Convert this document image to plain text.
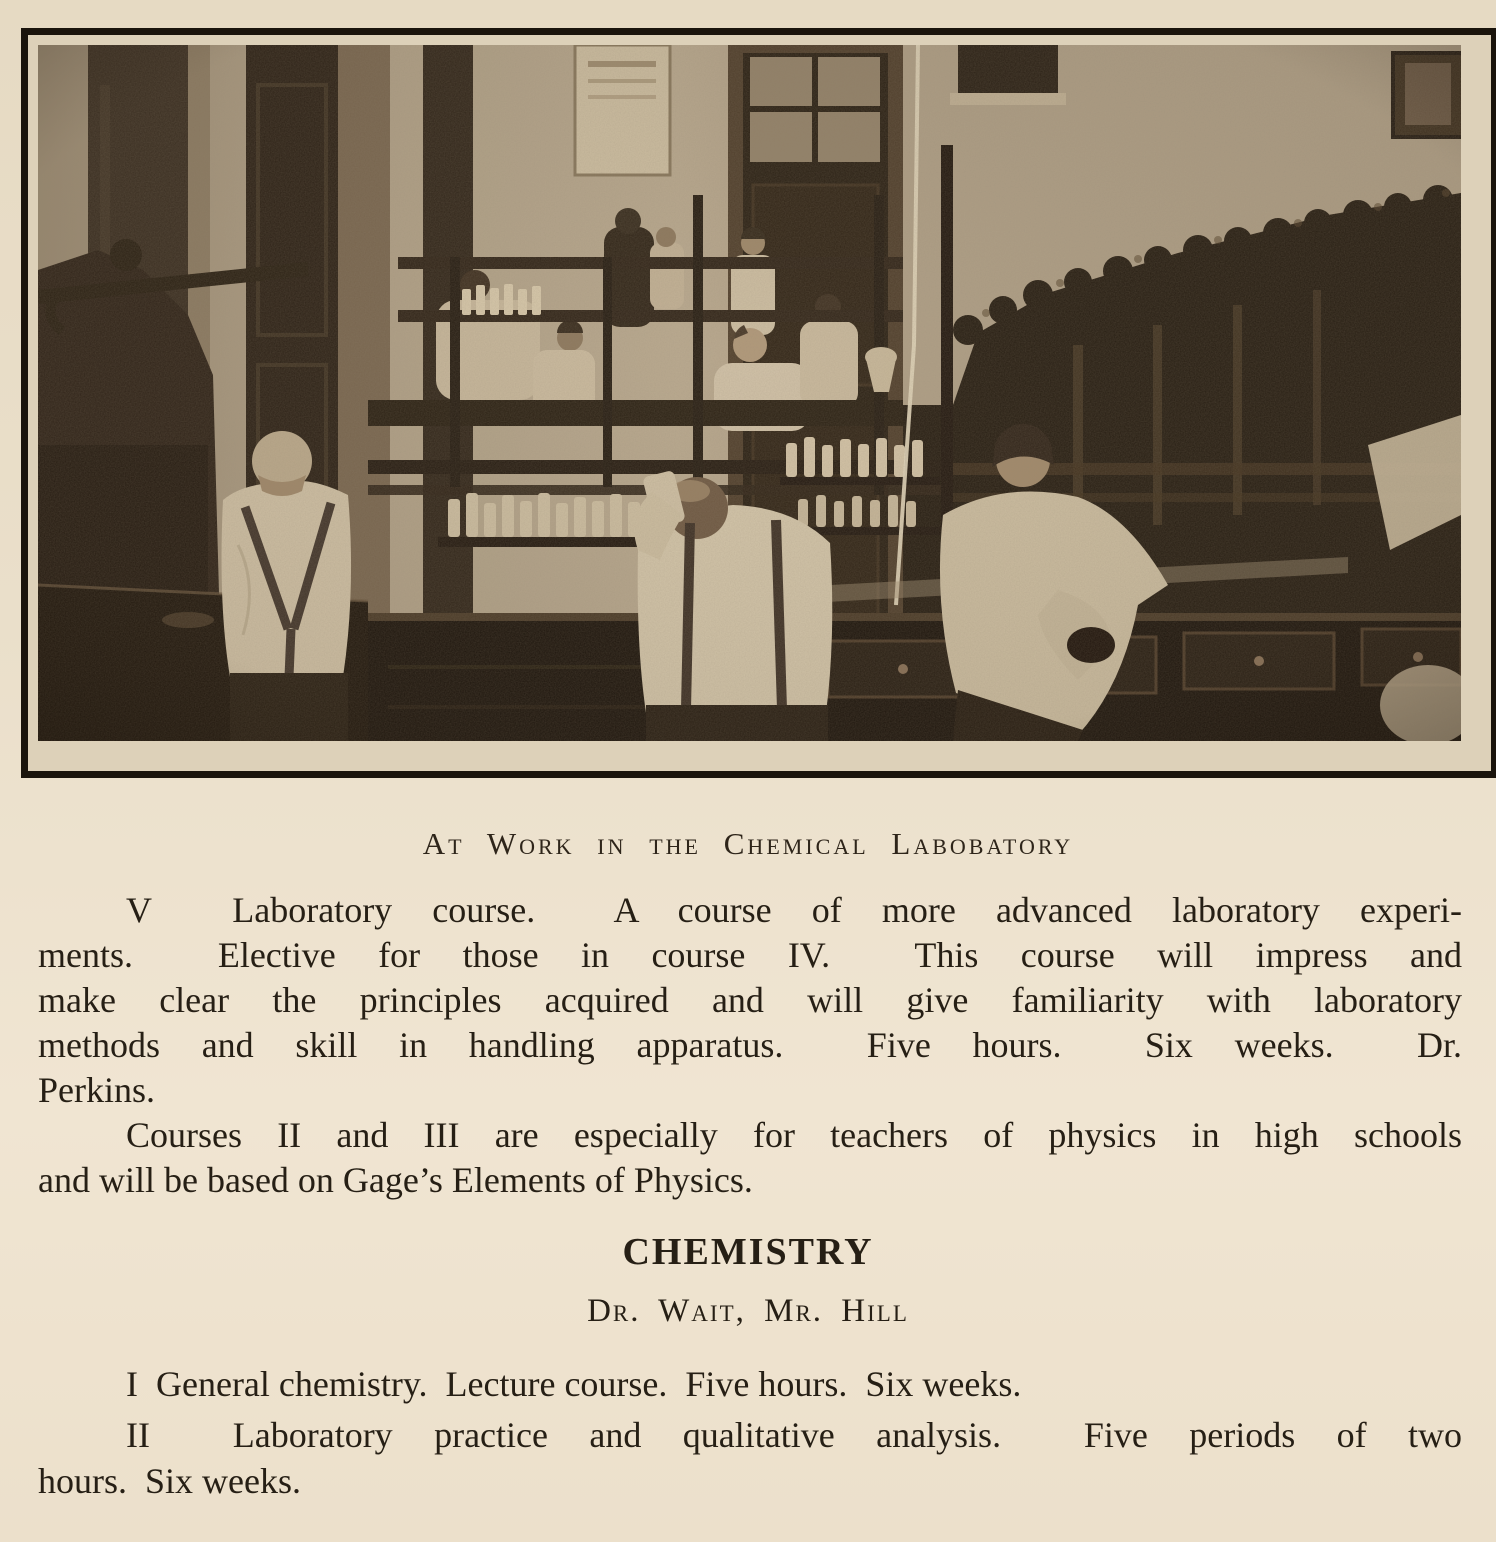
At Work in the Chemical Labobatory

V  Laboratory course.  A course of more advanced laboratory experi-

ments.  Elective for those in course IV.  This course will impress and

make clear the principles acquired and will give familiarity with laboratory

methods and skill in handling apparatus.  Five hours.  Six weeks.  Dr.

Perkins.

Courses II and III are especially for teachers of physics in high schools

and will be based on Gage’s Elements of Physics.

CHEMISTRY

Dr. Wait, Mr. Hill

I  General chemistry.  Lecture course.  Five hours.  Six weeks.

II  Laboratory practice and qualitative analysis.  Five periods of two

hours.  Six weeks.
